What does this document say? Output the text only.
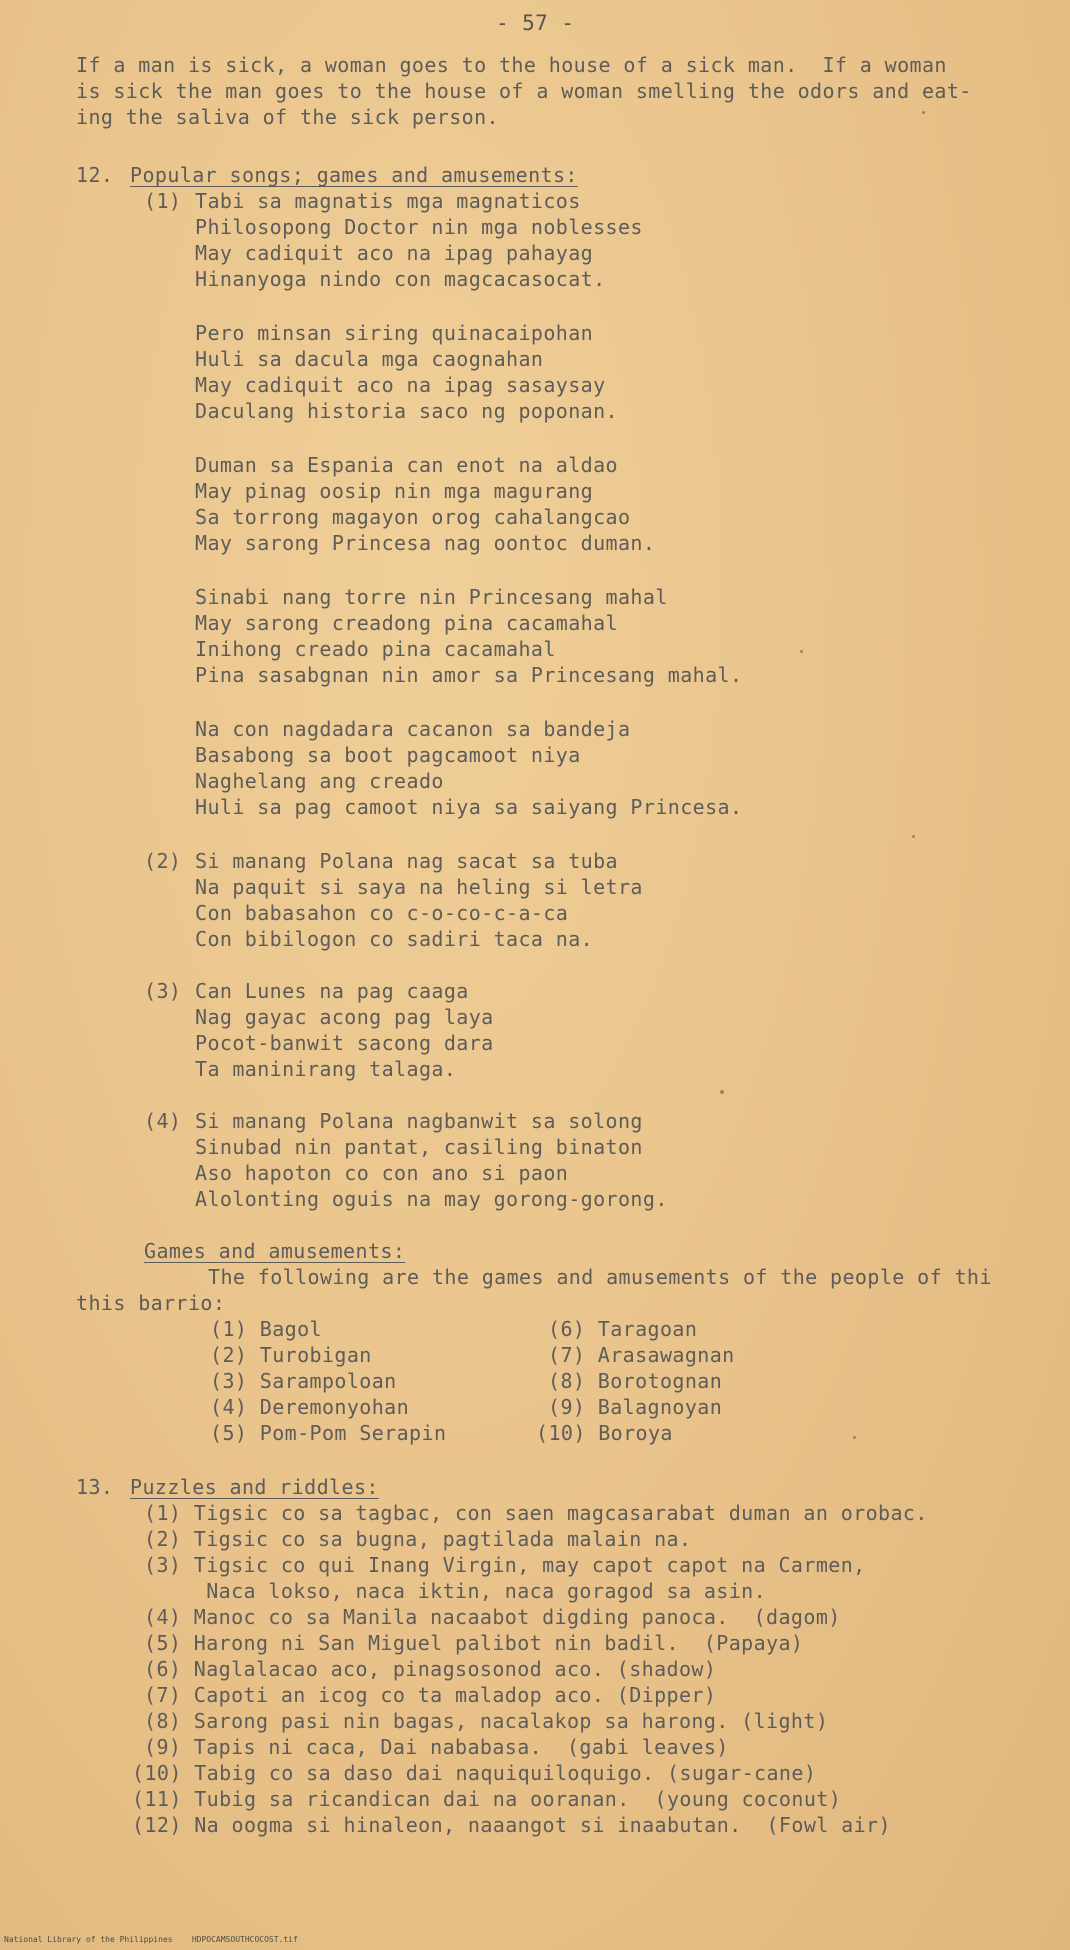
- 57 -
If a man is sick, a woman goes to the house of a sick man.  If a woman
is sick the man goes to the house of a woman smelling the odors and eat-
ing the saliva of the sick person.
12. Popular songs; games and amusements:
(1) Tabi sa magnatis mga magnaticos
Philosopong Doctor nin mga noblesses
May cadiquit aco na ipag pahayag
Hinanyoga nindo con magcacasocat.
Pero minsan siring quinacaipohan
Huli sa dacula mga caognahan
May cadiquit aco na ipag sasaysay
Daculang historia saco ng poponan.
Duman sa Espania can enot na aldao
May pinag oosip nin mga magurang
Sa torrong magayon orog cahalangcao
May sarong Princesa nag oontoc duman.
Sinabi nang torre nin Princesang mahal
May sarong creadong pina cacamahal
Inihong creado pina cacamahal
Pina sasabgnan nin amor sa Princesang mahal.
Na con nagdadara cacanon sa bandeja
Basabong sa boot pagcamoot niya
Naghelang ang creado
Huli sa pag camoot niya sa saiyang Princesa.
(2) Si manang Polana nag sacat sa tuba
Na paquit si saya na heling si letra
Con babasahon co c-o-co-c-a-ca
Con bibilogon co sadiri taca na.
(3) Can Lunes na pag caaga
Nag gayac acong pag laya
Pocot-banwit sacong dara
Ta maninirang talaga.
(4) Si manang Polana nagbanwit sa solong
Sinubad nin pantat, casiling binaton
Aso hapoton co con ano si paon
Alolonting oguis na may gorong-gorong.
Games and amusements:
The following are the games and amusements of the people of thi
this barrio:
(1) Bagol
(2) Turobigan
(3) Sarampoloan
(4) Deremonyohan
(5) Pom-Pom Serapin
(6) Taragoan
(7) Arasawagnan
(8) Borotognan
(9) Balagnoyan
(10) Boroya
13. Puzzles and riddles:
(1) Tigsic co sa tagbac, con saen magcasarabat duman an orobac.
(2) Tigsic co sa bugna, pagtilada malain na.
(3) Tigsic co qui Inang Virgin, may capot capot na Carmen,
Naca lokso, naca iktin, naca goragod sa asin.
(4) Manoc co sa Manila nacaabot digding panoca.  (dagom)
(5) Harong ni San Miguel palibot nin badil.  (Papaya)
(6) Naglalacao aco, pinagsosonod aco. (shadow)
(7) Capoti an icog co ta maladop aco. (Dipper)
(8) Sarong pasi nin bagas, nacalakop sa harong. (light)
(9) Tapis ni caca, Dai nababasa.  (gabi leaves)
(10) Tabig co sa daso dai naquiquiloquigo. (sugar-cane)
(11) Tubig sa ricandican dai na ooranan.  (young coconut)
(12) Na oogma si hinaleon, naaangot si inaabutan.  (Fowl air)
National Library of the Philippines    HDPOCAMSOUTHCOCOST.tif
